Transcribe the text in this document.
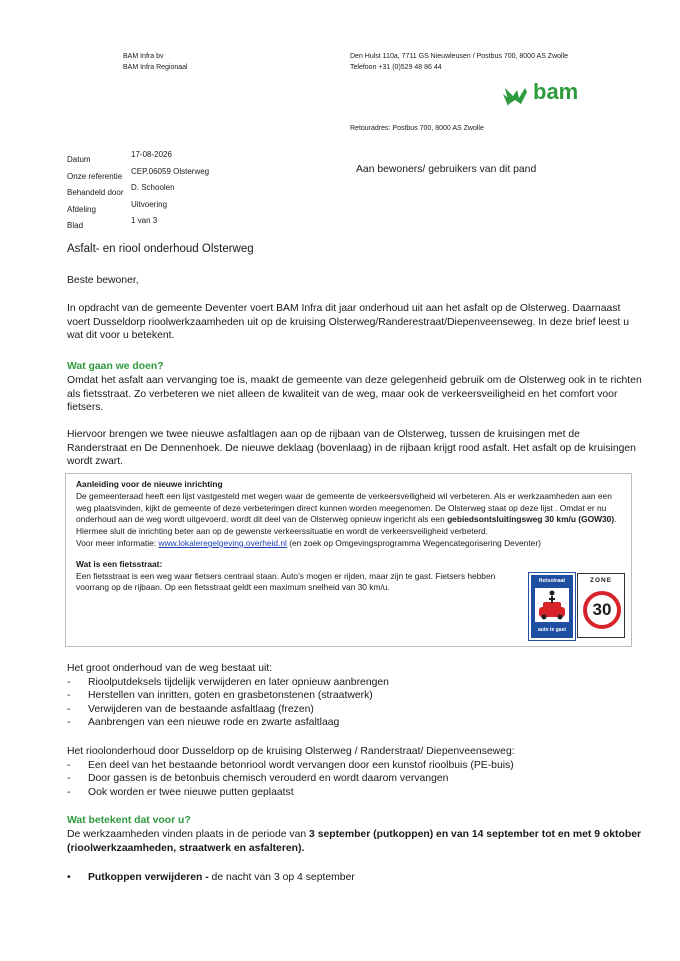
BAM Infra bv
BAM Infra Regionaal
Den Hulst 110a, 7711 GS Nieuwleusen / Postbus 700, 8000 AS Zwolle
Telefoon +31 (0)529 48 86 44
bam
Retouradres: Postbus 700, 8000 AS Zwolle
Datum
Onze referentie
Behandeld door
Afdeling
Blad
17-08-2026
CEP.06059 Olsterweg
D. Schoolen
Uitvoering
1 van 3
Aan bewoners/ gebruikers van dit pand
Asfalt- en riool onderhoud Olsterweg
Beste bewoner,
In opdracht van de gemeente Deventer voert BAM Infra dit jaar onderhoud uit aan het asfalt op de Olsterweg. Daarnaast voert Dusseldorp rioolwerkzaamheden uit op de kruising Olsterweg/Randerestraat/Diepenveenseweg. In deze brief leest u wat dit voor u betekent.
Wat gaan we doen?
Omdat het asfalt aan vervanging toe is, maakt de gemeente van deze gelegenheid gebruik om de Olsterweg ook in te richten als fietsstraat. Zo verbeteren we niet alleen de kwaliteit van de weg, maar ook de verkeersveiligheid en het comfort voor fietsers.
Hiervoor brengen we twee nieuwe asfaltlagen aan op de rijbaan van de Olsterweg, tussen de kruisingen met de Randerstraat en De Dennenhoek. De nieuwe deklaag (bovenlaag) in de rijbaan krijgt rood asfalt. Het asfalt op de kruisingen wordt zwart.
Aanleiding voor de nieuwe inrichting
De gemeenteraad heeft een lijst vastgesteld met wegen waar de gemeente de verkeersveiligheid wil verbeteren. Als er werkzaamheden aan een weg plaatsvinden, kijkt de gemeente of deze verbeteringen direct kunnen worden meegenomen. De Olsterweg staat op deze lijst . Omdat er nu onderhoud aan de weg wordt uitgevoerd, wordt dit deel van de Olsterweg opnieuw ingericht als een gebiedsontsluitingsweg 30 km/u (GOW30). Hiermee sluit de inrichting beter aan op de gewenste verkeerssituatie en wordt de verkeersveiligheid verbeterd.
Voor meer informatie: www.lokaleregelgeving.overheid.nl (en zoek op Omgevingsprogramma Wegencategorisering Deventer)
Wat is een fietsstraat:
Een fietsstraat is een weg waar fietsers centraal staan. Auto’s mogen er rijden, maar zijn te gast. Fietsers hebben voorrang op de rijbaan. Op een fietsstraat geldt een maximum snelheid van 30 km/u.
fietsstraat
auto te gast
ZONE
30
Het groot onderhoud van de weg bestaat uit:
- Rioolputdeksels tijdelijk verwijderen en later opnieuw aanbrengen
- Herstellen van inritten, goten en grasbetonstenen (straatwerk)
- Verwijderen van de bestaande asfaltlaag (frezen)
- Aanbrengen van een nieuwe rode en zwarte asfaltlaag
Het rioolonderhoud door Dusseldorp op de kruising Olsterweg / Randerstraat/ Diepenveenseweg:
- Een deel van het bestaande betonriool wordt vervangen door een kunstof rioolbuis (PE-buis)
- Door gassen is de betonbuis chemisch verouderd en wordt daarom vervangen
- Ook worden er twee nieuwe putten geplaatst
Wat betekent dat voor u?
De werkzaamheden vinden plaats in de periode van 3 september (putkoppen) en van 14 september tot en met 9 oktober (rioolwerkzaamheden, straatwerk en asfalteren).
• Putkoppen verwijderen - de nacht van 3 op 4 september
